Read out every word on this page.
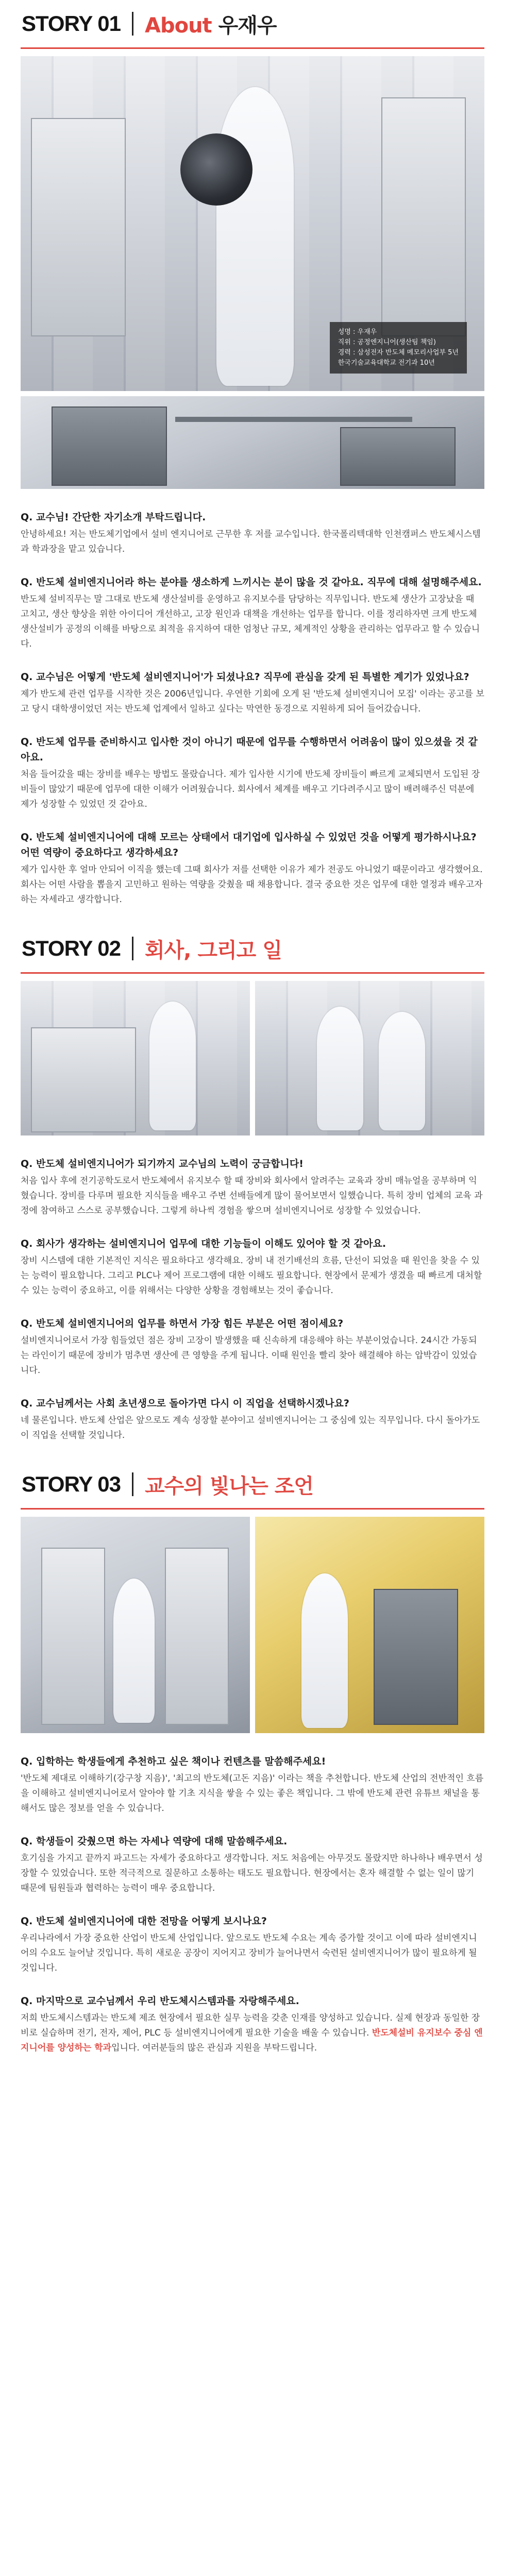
STORY 01 About 우재우
성명 : 우재우
직위 : 공정엔지니어(생산팀 책임)
경력 : 삼성전자 반도체 메모리사업부 5년
한국기술교육대학교 전기과 10년

Q. 교수님! 간단한 자기소개 부탁드립니다.

안녕하세요! 저는 반도체기업에서 설비 엔지니어로 근무한 후 저를 교수입니다. 한국폴리텍대학 인천캠퍼스 반도체시스템과 학과장을 맡고 있습니다.

Q. 반도체 설비엔지니어라 하는 분야를 생소하게 느끼시는 분이 많을 것 같아요. 직무에 대해 설명해주세요.

반도체 설비직무는 말 그대로 반도체 생산설비를 운영하고 유지보수를 담당하는 직무입니다. 반도체 생산가 고장났을 때 고치고, 생산 향상을 위한 아이디어 개선하고, 고장 원인과 대책을 개선하는 업무를 합니다. 이를 정리하자면 크게 반도체 생산설비가 공정의 이해를 바탕으로 최적을 유지하여 대한 엄청난 규모, 체계적인 상황을 관리하는 업무라고 할 수 있습니다.

Q. 교수님은 어떻게 '반도체 설비엔지니어'가 되셨나요? 직무에 관심을 갖게 된 특별한 계기가 있었나요?

제가 반도체 관련 업무를 시작한 것은 2006년입니다. 우연한 기회에 오게 된 '반도체 설비엔지니어 모집' 이라는 공고를 보고 당시 대학생이었던 저는 반도체 업계에서 일하고 싶다는 막연한 동경으로 지원하게 되어 들어갔습니다.

Q. 반도체 업무를 준비하시고 입사한 것이 아니기 때문에 업무를 수행하면서 어려움이 많이 있으셨을 것 같아요.

처음 들어갔을 때는 장비를 배우는 방법도 몰랐습니다. 제가 입사한 시기에 반도체 장비들이 빠르게 교체되면서 도입된 장비들이 많았기 때문에 업무에 대한 이해가 어려웠습니다. 회사에서 체계를 배우고 기다려주시고 많이 배려해주신 덕분에 제가 성장할 수 있었던 것 같아요.

Q. 반도체 설비엔지니어에 대해 모르는 상태에서 대기업에 입사하실 수 있었던 것을 어떻게 평가하시나요? 어떤 역량이 중요하다고 생각하세요?

제가 입사한 후 얼마 안되어 이직을 했는데 그때 회사가 저를 선택한 이유가 제가 전공도 아니었기 때문이라고 생각했어요. 회사는 어떤 사람을 뽑을지 고민하고 원하는 역량을 갖췄을 때 채용합니다. 결국 중요한 것은 업무에 대한 열정과 배우고자 하는 자세라고 생각합니다.

STORY 02 회사, 그리고 일

Q. 반도체 설비엔지니어가 되기까지 교수님의 노력이 궁금합니다!

처음 입사 후에 전기공학도로서 반도체에서 유지보수 할 때 장비와 회사에서 알려주는 교육과 장비 매뉴얼을 공부하며 익혔습니다. 장비를 다루며 필요한 지식들을 배우고 주변 선배들에게 많이 물어보면서 일했습니다. 특히 장비 업체의 교육 과정에 참여하고 스스로 공부했습니다. 그렇게 하나씩 경험을 쌓으며 설비엔지니어로 성장할 수 있었습니다.

Q. 회사가 생각하는 설비엔지니어 업무에 대한 기능들이 이해도 있어야 할 것 같아요.

장비 시스템에 대한 기본적인 지식은 필요하다고 생각해요. 장비 내 전기배선의 흐름, 단선이 되었을 때 원인을 찾을 수 있는 능력이 필요합니다. 그리고 PLC나 제어 프로그램에 대한 이해도 필요합니다. 현장에서 문제가 생겼을 때 빠르게 대처할 수 있는 능력이 중요하고, 이를 위해서는 다양한 상황을 경험해보는 것이 좋습니다.

Q. 반도체 설비엔지니어의 업무를 하면서 가장 힘든 부분은 어떤 점이세요?

설비엔지니어로서 가장 힘들었던 점은 장비 고장이 발생했을 때 신속하게 대응해야 하는 부분이었습니다. 24시간 가동되는 라인이기 때문에 장비가 멈추면 생산에 큰 영향을 주게 됩니다. 이때 원인을 빨리 찾아 해결해야 하는 압박감이 있었습니다.

Q. 교수님께서는 사회 초년생으로 돌아가면 다시 이 직업을 선택하시겠나요?

네 물론입니다. 반도체 산업은 앞으로도 계속 성장할 분야이고 설비엔지니어는 그 중심에 있는 직무입니다. 다시 돌아가도 이 직업을 선택할 것입니다.

STORY 03 교수의 빛나는 조언

Q. 입학하는 학생들에게 추천하고 싶은 책이나 컨텐츠를 말씀해주세요!

'반도체 제대로 이해하기(강구창 지음)', '최고의 반도체(고돈 지음)' 이라는 책을 추천합니다. 반도체 산업의 전반적인 흐름을 이해하고 설비엔지니어로서 알아야 할 기초 지식을 쌓을 수 있는 좋은 책입니다. 그 밖에 반도체 관련 유튜브 채널을 통해서도 많은 정보를 얻을 수 있습니다.

Q. 학생들이 갖췄으면 하는 자세나 역량에 대해 말씀해주세요.

호기심을 가지고 끝까지 파고드는 자세가 중요하다고 생각합니다. 저도 처음에는 아무것도 몰랐지만 하나하나 배우면서 성장할 수 있었습니다. 또한 적극적으로 질문하고 소통하는 태도도 필요합니다. 현장에서는 혼자 해결할 수 없는 일이 많기 때문에 팀원들과 협력하는 능력이 매우 중요합니다.

Q. 반도체 설비엔지니어에 대한 전망을 어떻게 보시나요?

우리나라에서 가장 중요한 산업이 반도체 산업입니다. 앞으로도 반도체 수요는 계속 증가할 것이고 이에 따라 설비엔지니어의 수요도 늘어날 것입니다. 특히 새로운 공장이 지어지고 장비가 늘어나면서 숙련된 설비엔지니어가 많이 필요하게 될 것입니다.

Q. 마지막으로 교수님께서 우리 반도체시스템과를 자랑해주세요.

저희 반도체시스템과는 반도체 제조 현장에서 필요한 실무 능력을 갖춘 인재를 양성하고 있습니다. 실제 현장과 동일한 장비로 실습하며 전기, 전자, 제어, PLC 등 설비엔지니어에게 필요한 기술을 배울 수 있습니다. 반도체설비 유지보수 중심 엔지니어를 양성하는 학과입니다. 여러분들의 많은 관심과 지원을 부탁드립니다.
